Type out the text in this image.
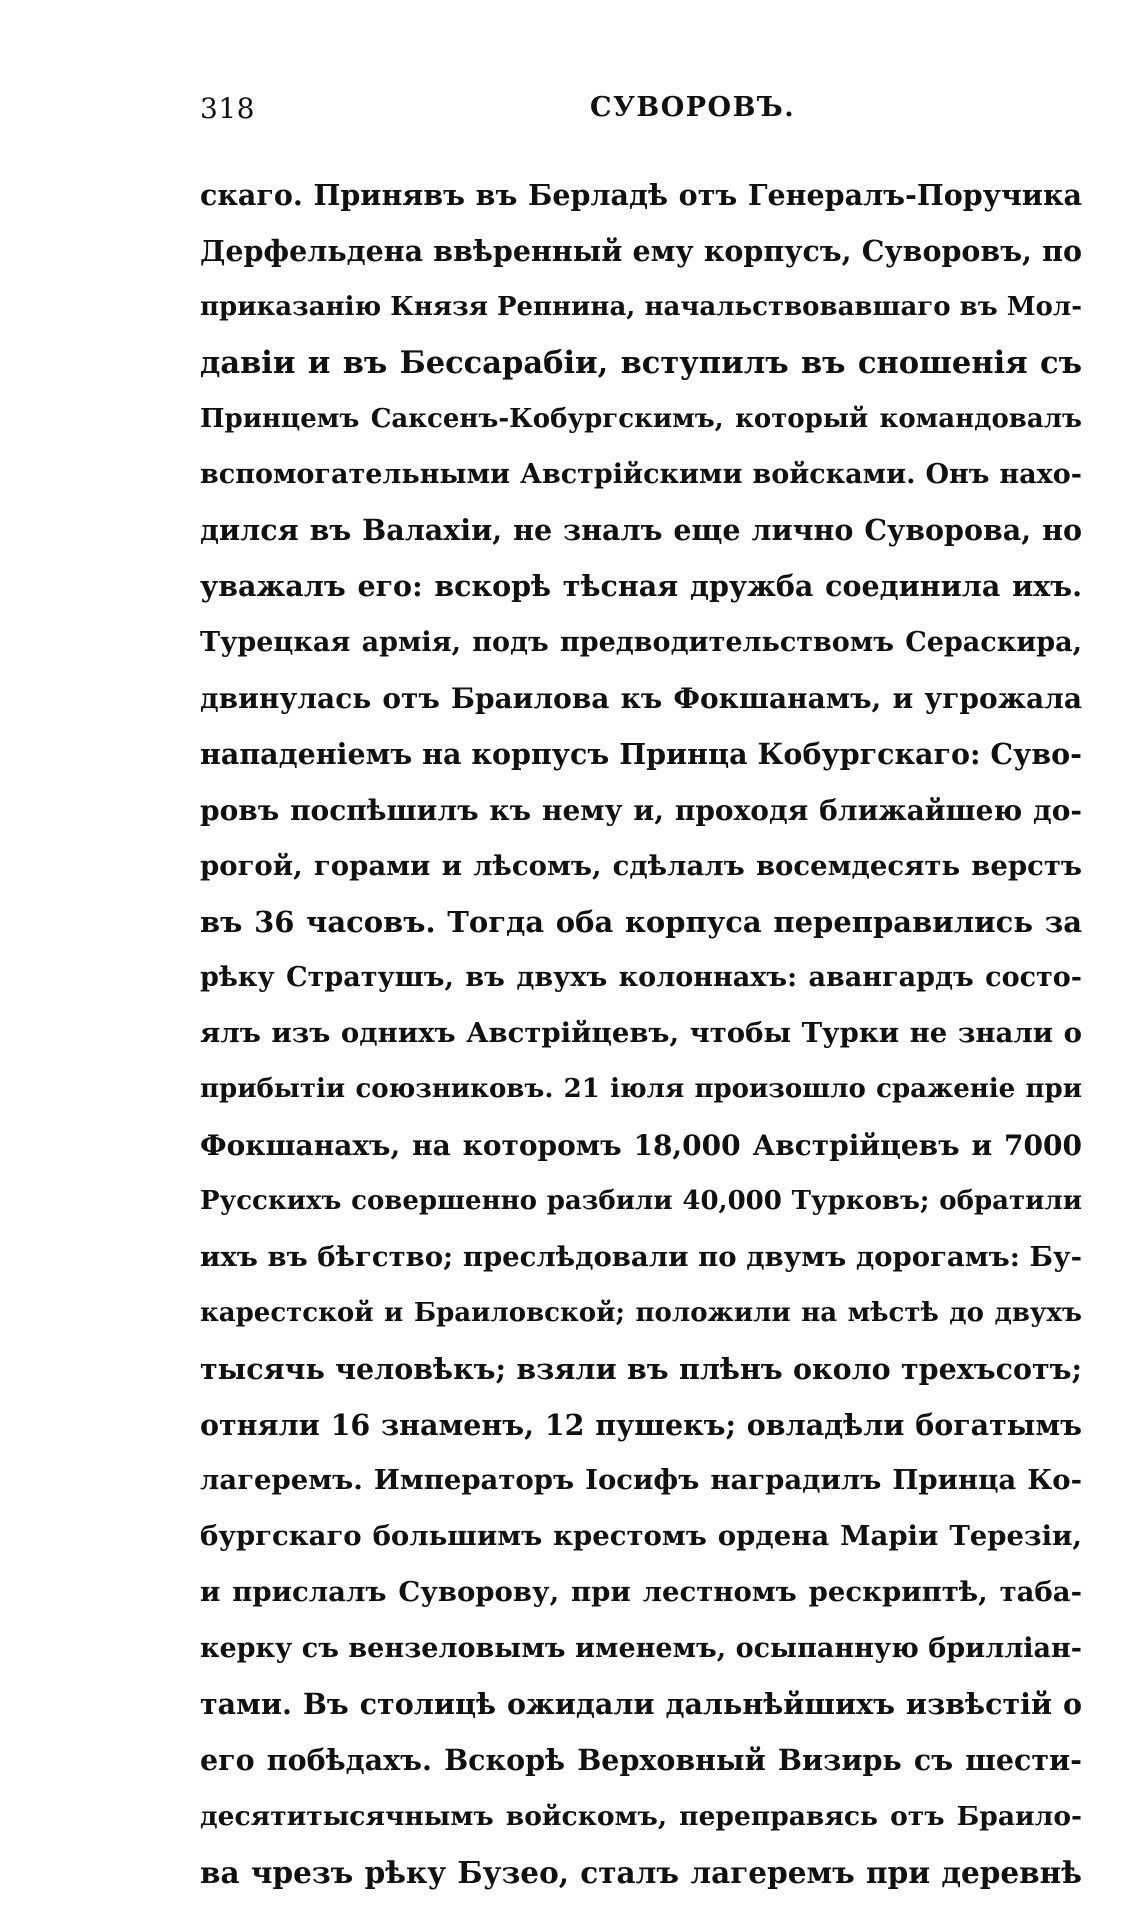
318	СУВОРОВЪ.
скаго. Принявъ въ Берладѣ отъ Генералъ-Поручика
Дерфельдена ввѣренный ему корпусъ, Суворовъ, по
приказанію Князя Репнина, начальствовавшаго въ Мол-
давіи и въ Бессарабіи, вступилъ въ сношенія съ
Принцемъ Саксенъ-Кобургскимъ, который командовалъ
вспомогательными Австрійскими войсками. Онъ нахо-
дился въ Валахіи, не зналъ еще лично Суворова, но
уважалъ его: вскорѣ тѣсная дружба соединила ихъ.
Турецкая армія, подъ предводительствомъ Сераскира,
двинулась отъ Браилова къ Фокшанамъ, и угрожала
нападеніемъ на корпусъ Принца Кобургскаго: Суво-
ровъ поспѣшилъ къ нему и, проходя ближайшею до-
рогой, горами и лѣсомъ, сдѣлалъ восемдесять верстъ
въ 36 часовъ. Тогда оба корпуса переправились за
рѣку Стратушъ, въ двухъ колоннахъ: авангардъ состо-
ялъ изъ однихъ Австрійцевъ, чтобы Турки не знали о
прибытіи союзниковъ. 21 іюля произошло сраженіе при
Фокшанахъ, на которомъ 18,000 Австрійцевъ и 7000
Русскихъ совершенно разбили 40,000 Турковъ; обратили
ихъ въ бѣгство; преслѣдовали по двумъ дорогамъ: Бу-
карестской и Браиловской; положили на мѣстѣ до двухъ
тысячь человѣкъ; взяли въ плѣнъ около трехъсотъ;
отняли 16 знаменъ, 12 пушекъ; овладѣли богатымъ
лагеремъ. Императоръ Іосифъ наградилъ Принца Ко-
бургскаго большимъ крестомъ ордена Маріи Терезіи,
и прислалъ Суворову, при лестномъ рескриптѣ, таба-
керку съ вензеловымъ именемъ, осыпанную брилліан-
тами. Въ столицѣ ожидали дальнѣйшихъ извѣстій о
его побѣдахъ. Вскорѣ Верховный Визирь съ шести-
десятитысячнымъ войскомъ, переправясь отъ Браило-
ва чрезъ рѣку Бузео, сталъ лагеремъ при деревнѣ
